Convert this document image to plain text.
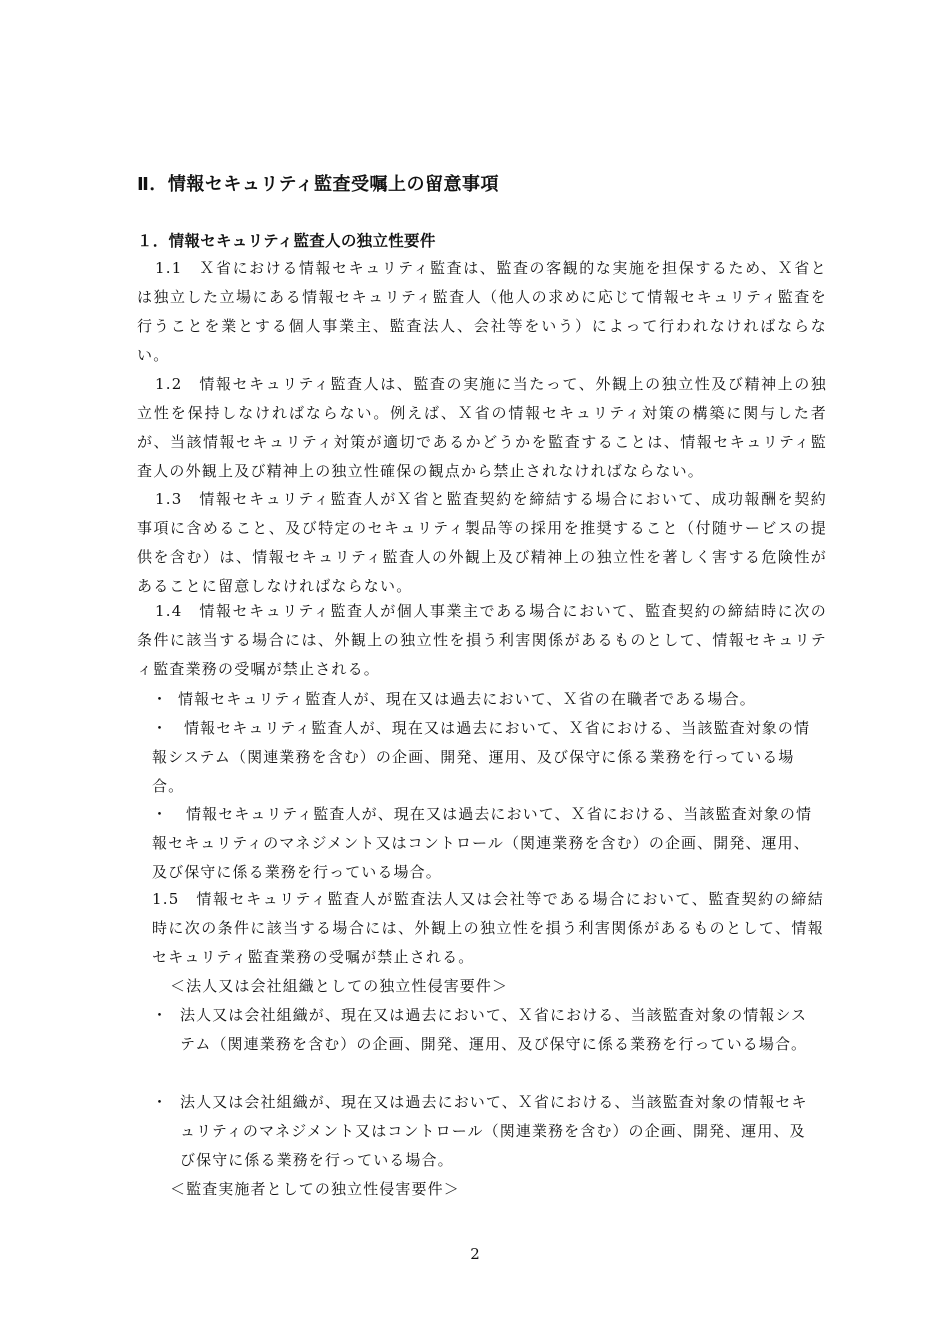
Ⅱ．情報セキュリティ監査受嘱上の留意事項
１．情報セキュリティ監査人の独立性要件
1.1　Ｘ省における情報セキュリティ監査は、監査の客観的な実施を担保するため、Ｘ省とは独立した立場にある情報セキュリティ監査人（他人の求めに応じて情報セキュリティ監査を行うことを業とする個人事業主、監査法人、会社等をいう）によって行われなければならない。
1.2　情報セキュリティ監査人は、監査の実施に当たって、外観上の独立性及び精神上の独立性を保持しなければならない。例えば、Ｘ省の情報セキュリティ対策の構築に関与した者が、当該情報セキュリティ対策が適切であるかどうかを監査することは、情報セキュリティ監査人の外観上及び精神上の独立性確保の観点から禁止されなければならない。
1.3　情報セキュリティ監査人がＸ省と監査契約を締結する場合において、成功報酬を契約事項に含めること、及び特定のセキュリティ製品等の採用を推奨すること（付随サービスの提供を含む）は、情報セキュリティ監査人の外観上及び精神上の独立性を著しく害する危険性があることに留意しなければならない。
1.4　情報セキュリティ監査人が個人事業主である場合において、監査契約の締結時に次の条件に該当する場合には、外観上の独立性を損う利害関係があるものとして、情報セキュリティ監査業務の受嘱が禁止される。
・ 情報セキュリティ監査人が、現在又は過去において、Ｘ省の在職者である場合。
・	情報セキュリティ監査人が、現在又は過去において、Ｘ省における、当該監査対象の情報システム（関連業務を含む）の企画、開発、運用、及び保守に係る業務を行っている場合。
・	情報セキュリティ監査人が、現在又は過去において、Ｘ省における、当該監査対象の情報セキュリティのマネジメント又はコントロール（関連業務を含む）の企画、開発、運用、及び保守に係る業務を行っている場合。
1.5　情報セキュリティ監査人が監査法人又は会社等である場合において、監査契約の締結時に次の条件に該当する場合には、外観上の独立性を損う利害関係があるものとして、情報セキュリティ監査業務の受嘱が禁止される。
＜法人又は会社組織としての独立性侵害要件＞
・ 法人又は会社組織が、現在又は過去において、Ｘ省における、当該監査対象の情報システム（関連業務を含む）の企画、開発、運用、及び保守に係る業務を行っている場合。
・ 法人又は会社組織が、現在又は過去において、Ｘ省における、当該監査対象の情報セキュリティのマネジメント又はコントロール（関連業務を含む）の企画、開発、運用、及び保守に係る業務を行っている場合。
＜監査実施者としての独立性侵害要件＞
2
